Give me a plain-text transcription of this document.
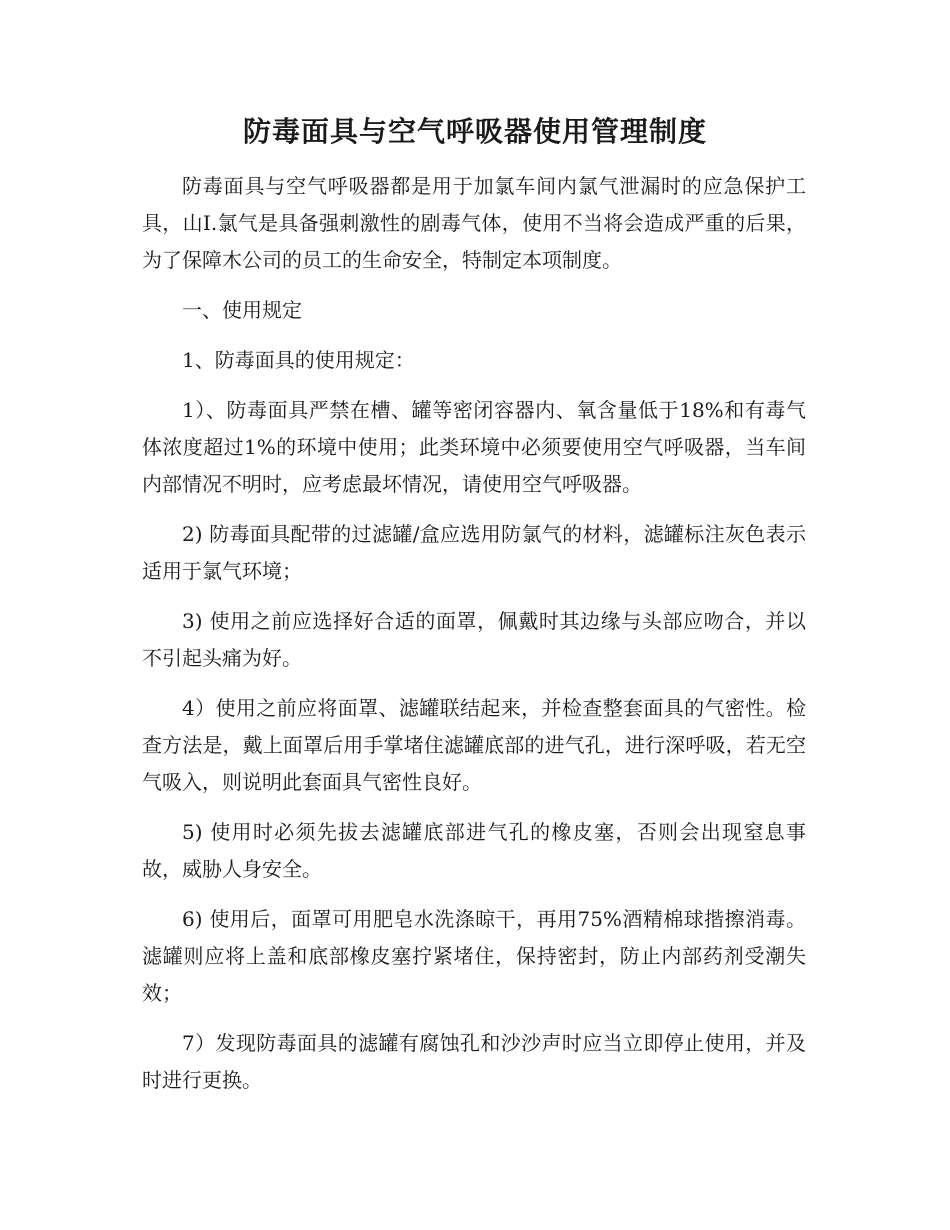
防毒面具与空气呼吸器使用管理制度

防毒面具与空气呼吸器都是用于加氯车间内氯气泄漏时的应急保护工具，山I.氯气是具备强刺激性的剧毒气体，使用不当将会造成严重的后果，为了保障木公司的员工的生命安全，特制定本项制度。

一、使用规定

1、防毒面具的使用规定：

1）、防毒面具严禁在槽、罐等密闭容器内、氧含量低于18%和有毒气体浓度超过1%的环境中使用；此类环境中必须要使用空气呼吸器，当车间内部情况不明时，应考虑最坏情况，请使用空气呼吸器。

2) 防毒面具配带的过滤罐/盒应选用防氯气的材料，滤罐标注灰色表示适用于氯气环境；

3) 使用之前应选择好合适的面罩，佩戴时其边缘与头部应吻合，并以不引起头痛为好。

4）使用之前应将面罩、滤罐联结起来，并检查整套面具的气密性。检查方法是，戴上面罩后用手掌堵住滤罐底部的进气孔，进行深呼吸，若无空气吸入，则说明此套面具气密性良好。

5) 使用时必须先拔去滤罐底部进气孔的橡皮塞，否则会出现窒息事故，威胁人身安全。

6) 使用后，面罩可用肥皂水洗涤晾干，再用75%酒精棉球揩擦消毒。滤罐则应将上盖和底部橡皮塞拧紧堵住，保持密封，防止内部药剂受潮失效；

7）发现防毒面具的滤罐有腐蚀孔和沙沙声时应当立即停止使用，并及时进行更换。
